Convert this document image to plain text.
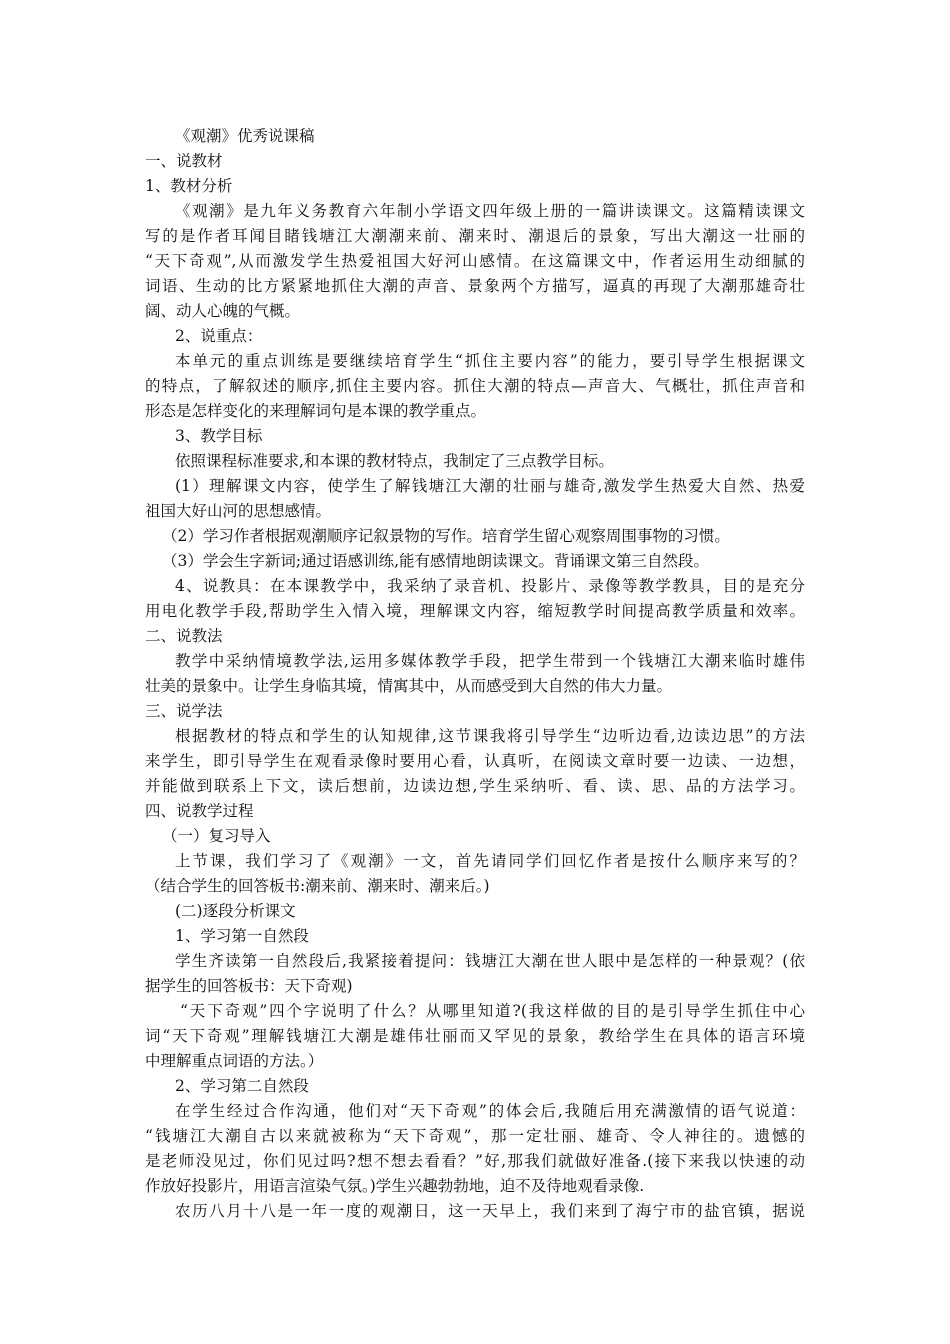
《观潮》优秀说课稿
一、说教材
1、教材分析
《观潮》是九年义务教育六年制小学语文四年级上册的一篇讲读课文。这篇精读课文
写的是作者耳闻目睹钱塘江大潮潮来前、潮来时、潮退后的景象，写出大潮这一壮丽的
“天下奇观”,从而激发学生热爱祖国大好河山感情。在这篇课文中，作者运用生动细腻的
词语、生动的比方紧紧地抓住大潮的声音、景象两个方描写，逼真的再现了大潮那雄奇壮
阔、动人心魄的气概。
2、说重点：
本单元的重点训练是要继续培育学生“抓住主要内容”的能力，要引导学生根据课文
的特点，了解叙述的顺序,抓住主要内容。抓住大潮的特点—声音大、气概壮，抓住声音和
形态是怎样变化的来理解词句是本课的教学重点。
3、教学目标
依照课程标准要求,和本课的教材特点，我制定了三点教学目标。
(1）理解课文内容，使学生了解钱塘江大潮的壮丽与雄奇,激发学生热爱大自然、热爱
祖国大好山河的思想感情。
（2）学习作者根据观潮顺序记叙景物的写作。培育学生留心观察周围事物的习惯。
（3）学会生字新词;通过语感训练,能有感情地朗读课文。背诵课文第三自然段。
4、说教具：在本课教学中，我采纳了录音机、投影片、录像等教学教具，目的是充分
用电化教学手段,帮助学生入情入境，理解课文内容，缩短教学时间提高教学质量和效率。
二、说教法
教学中采纳情境教学法,运用多媒体教学手段，把学生带到一个钱塘江大潮来临时雄伟
壮美的景象中。让学生身临其境，情寓其中，从而感受到大自然的伟大力量。
三、说学法
根据教材的特点和学生的认知规律,这节课我将引导学生“边听边看,边读边思”的方法
来学生，即引导学生在观看录像时要用心看，认真听，在阅读文章时要一边读、一边想，
并能做到联系上下文，读后想前，边读边想,学生采纳听、看、读、思、品的方法学习。
四、说教学过程
（一）复习导入
上节课，我们学习了《观潮》一文，首先请同学们回忆作者是按什么顺序来写的？
（结合学生的回答板书:潮来前、潮来时、潮来后。)
(二)逐段分析课文
1、学习第一自然段
学生齐读第一自然段后,我紧接着提问：钱塘江大潮在世人眼中是怎样的一种景观？(依
据学生的回答板书：天下奇观)
“天下奇观”四个字说明了什么？从哪里知道?(我这样做的目的是引导学生抓住中心
词“天下奇观”理解钱塘江大潮是雄伟壮丽而又罕见的景象，教给学生在具体的语言环境
中理解重点词语的方法。）
2、学习第二自然段
在学生经过合作沟通，他们对“天下奇观”的体会后,我随后用充满激情的语气说道：
“钱塘江大潮自古以来就被称为“天下奇观”，那一定壮丽、雄奇、令人神往的。遗憾的
是老师没见过，你们见过吗?想不想去看看？”好,那我们就做好准备.(接下来我以快速的动
作放好投影片，用语言渲染气氛。)学生兴趣勃勃地，迫不及待地观看录像.
农历八月十八是一年一度的观潮日，这一天早上，我们来到了海宁市的盐官镇，据说
